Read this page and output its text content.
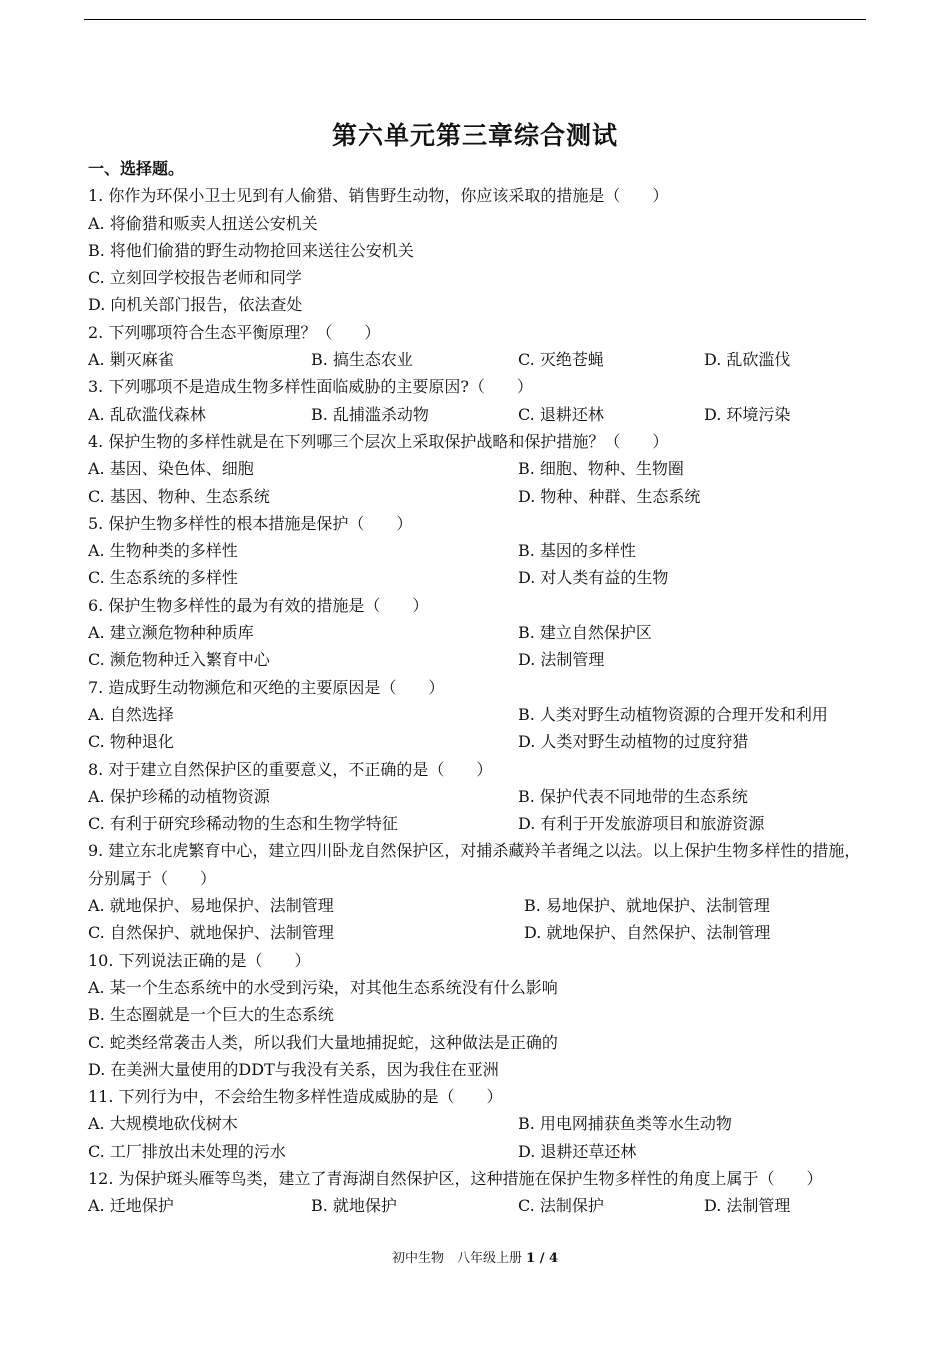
第六单元第三章综合测试
一、选择题。
1. 你作为环保小卫士见到有人偷猎、销售野生动物，你应该采取的措施是（　　）
A. 将偷猎和贩卖人扭送公安机关
B. 将他们偷猎的野生动物抢回来送往公安机关
C. 立刻回学校报告老师和同学
D. 向机关部门报告，依法查处
2. 下列哪项符合生态平衡原理？（　　）
A. 剿灭麻雀	B. 搞生态农业	C. 灭绝苍蝇	D. 乱砍滥伐
3. 下列哪项不是造成生物多样性面临威胁的主要原因?（　　）
A. 乱砍滥伐森林	B. 乱捕滥杀动物	C. 退耕还林	D. 环境污染
4. 保护生物的多样性就是在下列哪三个层次上采取保护战略和保护措施？（　　）
A. 基因、染色体、细胞	B. 细胞、物种、生物圈
C. 基因、物种、生态系统	D. 物种、种群、生态系统
5. 保护生物多样性的根本措施是保护（　　）
A. 生物种类的多样性	B. 基因的多样性
C. 生态系统的多样性	D. 对人类有益的生物
6. 保护生物多样性的最为有效的措施是（　　）
A. 建立濒危物种种质库	B. 建立自然保护区
C. 濒危物种迁入繁育中心	D. 法制管理
7. 造成野生动物濒危和灭绝的主要原因是（　　）
A. 自然选择	B. 人类对野生动植物资源的合理开发和利用
C. 物种退化	D. 人类对野生动植物的过度狩猎
8. 对于建立自然保护区的重要意义，不正确的是（　　）
A. 保护珍稀的动植物资源	B. 保护代表不同地带的生态系统
C. 有利于研究珍稀动物的生态和生物学特征	D. 有利于开发旅游项目和旅游资源
9. 建立东北虎繁育中心，建立四川卧龙自然保护区，对捕杀藏羚羊者绳之以法。以上保护生物多样性的措施，分别属于（　　）
A. 就地保护、易地保护、法制管理	B. 易地保护、就地保护、法制管理
C. 自然保护、就地保护、法制管理	D. 就地保护、自然保护、法制管理
10. 下列说法正确的是（　　）
A. 某一个生态系统中的水受到污染，对其他生态系统没有什么影响
B. 生态圈就是一个巨大的生态系统
C. 蛇类经常袭击人类，所以我们大量地捕捉蛇，这种做法是正确的
D. 在美洲大量使用的DDT与我没有关系，因为我住在亚洲
11. 下列行为中，不会给生物多样性造成威胁的是（　　）
A. 大规模地砍伐树木	B. 用电网捕获鱼类等水生动物
C. 工厂排放出未处理的污水	D. 退耕还草还林
12. 为保护斑头雁等鸟类，建立了青海湖自然保护区，这种措施在保护生物多样性的角度上属于（　　）
A. 迁地保护	B. 就地保护	C. 法制保护	D. 法制管理
初中生物　八年级上册 1 / 4
